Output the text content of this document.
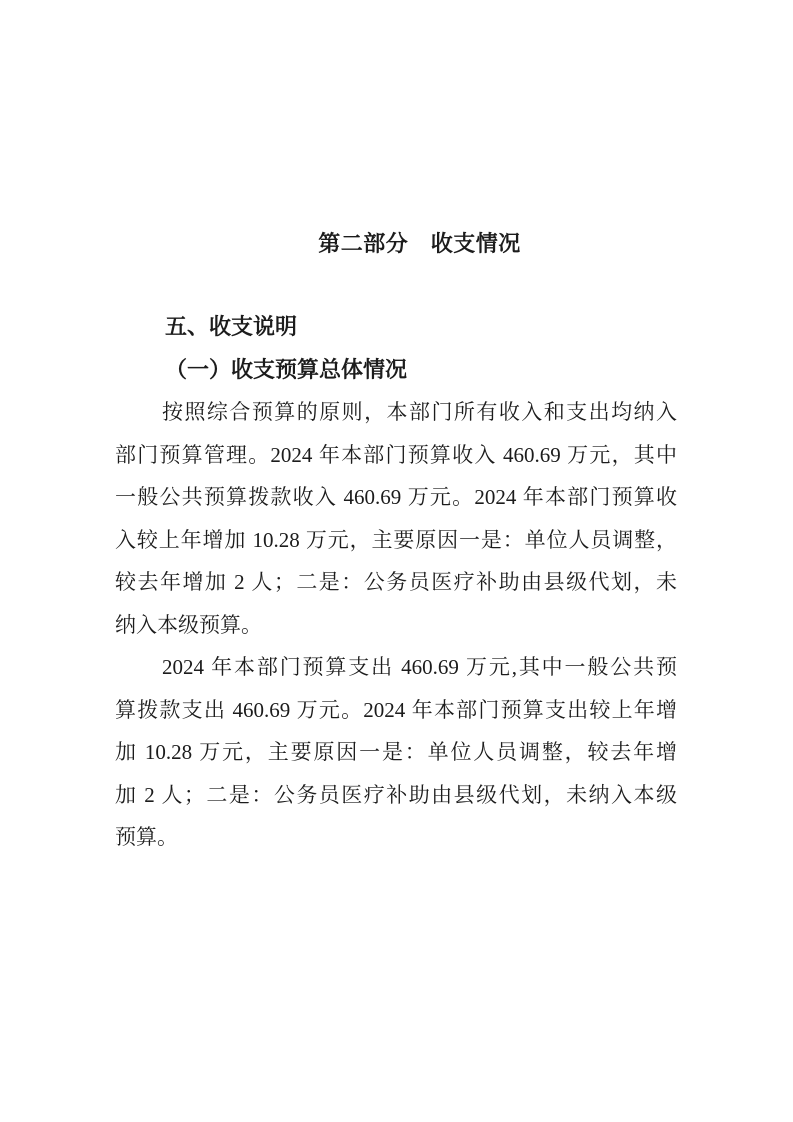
第二部分　收支情况
五、收支说明
（一）收支预算总体情况
按照综合预算的原则，本部门所有收入和支出均纳入
部门预算管理。2024 年本部门预算收入 460.69 万元，其中
一般公共预算拨款收入 460.69 万元。2024 年本部门预算收
入较上年增加 10.28 万元，主要原因一是：单位人员调整，
较去年增加 2 人；二是：公务员医疗补助由县级代划，未
纳入本级预算。
2024 年本部门预算支出 460.69 万元,其中一般公共预
算拨款支出 460.69 万元。2024 年本部门预算支出较上年增
加 10.28 万元，主要原因一是：单位人员调整，较去年增
加 2 人；二是：公务员医疗补助由县级代划，未纳入本级
预算。
